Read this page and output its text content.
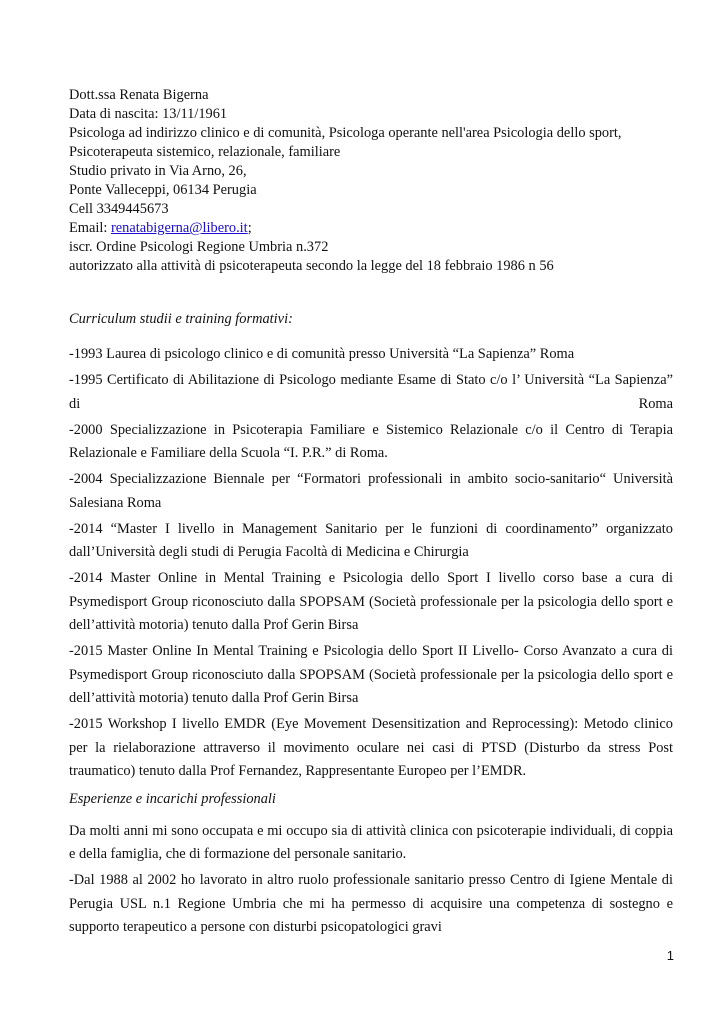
Dott.ssa Renata Bigerna
Data di nascita: 13/11/1961
Psicologa ad indirizzo clinico e di comunità, Psicologa operante nell'area Psicologia dello sport,
Psicoterapeuta sistemico, relazionale, familiare
Studio privato in Via Arno, 26,
Ponte Valleceppi, 06134 Perugia
Cell 3349445673
Email: renatabigerna@libero.it;
iscr. Ordine Psicologi Regione Umbria n.372
autorizzato alla attività di psicoterapeuta secondo la legge del 18 febbraio 1986 n 56
Curriculum studii e training formativi:
-1993 Laurea di psicologo clinico e di comunità presso Università “La Sapienza” Roma
-1995 Certificato di Abilitazione di Psicologo mediante Esame di Stato c/o l’ Università “La Sapienza” di Roma
-2000 Specializzazione in Psicoterapia Familiare e Sistemico Relazionale c/o il Centro di Terapia Relazionale e Familiare della Scuola “I. P.R.” di Roma.
-2004 Specializzazione Biennale per “Formatori professionali in ambito socio-sanitario“ Università Salesiana Roma
-2014 “Master I livello in Management Sanitario per le funzioni di coordinamento” organizzato dall’Università degli studi di Perugia Facoltà di Medicina e Chirurgia
-2014 Master Online in Mental Training e Psicologia dello Sport I livello corso base a cura di Psymedisport Group riconosciuto dalla SPOPSAM (Società professionale per la psicologia dello sport e dell’attività motoria) tenuto dalla Prof Gerin Birsa
-2015 Master Online In Mental Training e Psicologia dello Sport II Livello- Corso Avanzato a cura di Psymedisport Group riconosciuto dalla SPOPSAM (Società professionale per la psicologia dello sport e dell’attività motoria) tenuto dalla Prof Gerin Birsa
-2015 Workshop I livello EMDR (Eye Movement Desensitization and Reprocessing): Metodo clinico per la rielaborazione attraverso il movimento oculare nei casi di PTSD (Disturbo da stress Post traumatico) tenuto dalla Prof Fernandez, Rappresentante Europeo per l’EMDR.
Esperienze e incarichi professionali
Da molti anni mi sono occupata e mi occupo sia di attività clinica con psicoterapie individuali, di coppia e della famiglia, che di formazione del personale sanitario.
-Dal 1988 al 2002 ho lavorato in altro ruolo professionale sanitario presso Centro di Igiene Mentale di Perugia USL n.1 Regione Umbria che mi ha permesso di acquisire una competenza di sostegno e supporto terapeutico a persone con disturbi psicopatologici gravi
1
